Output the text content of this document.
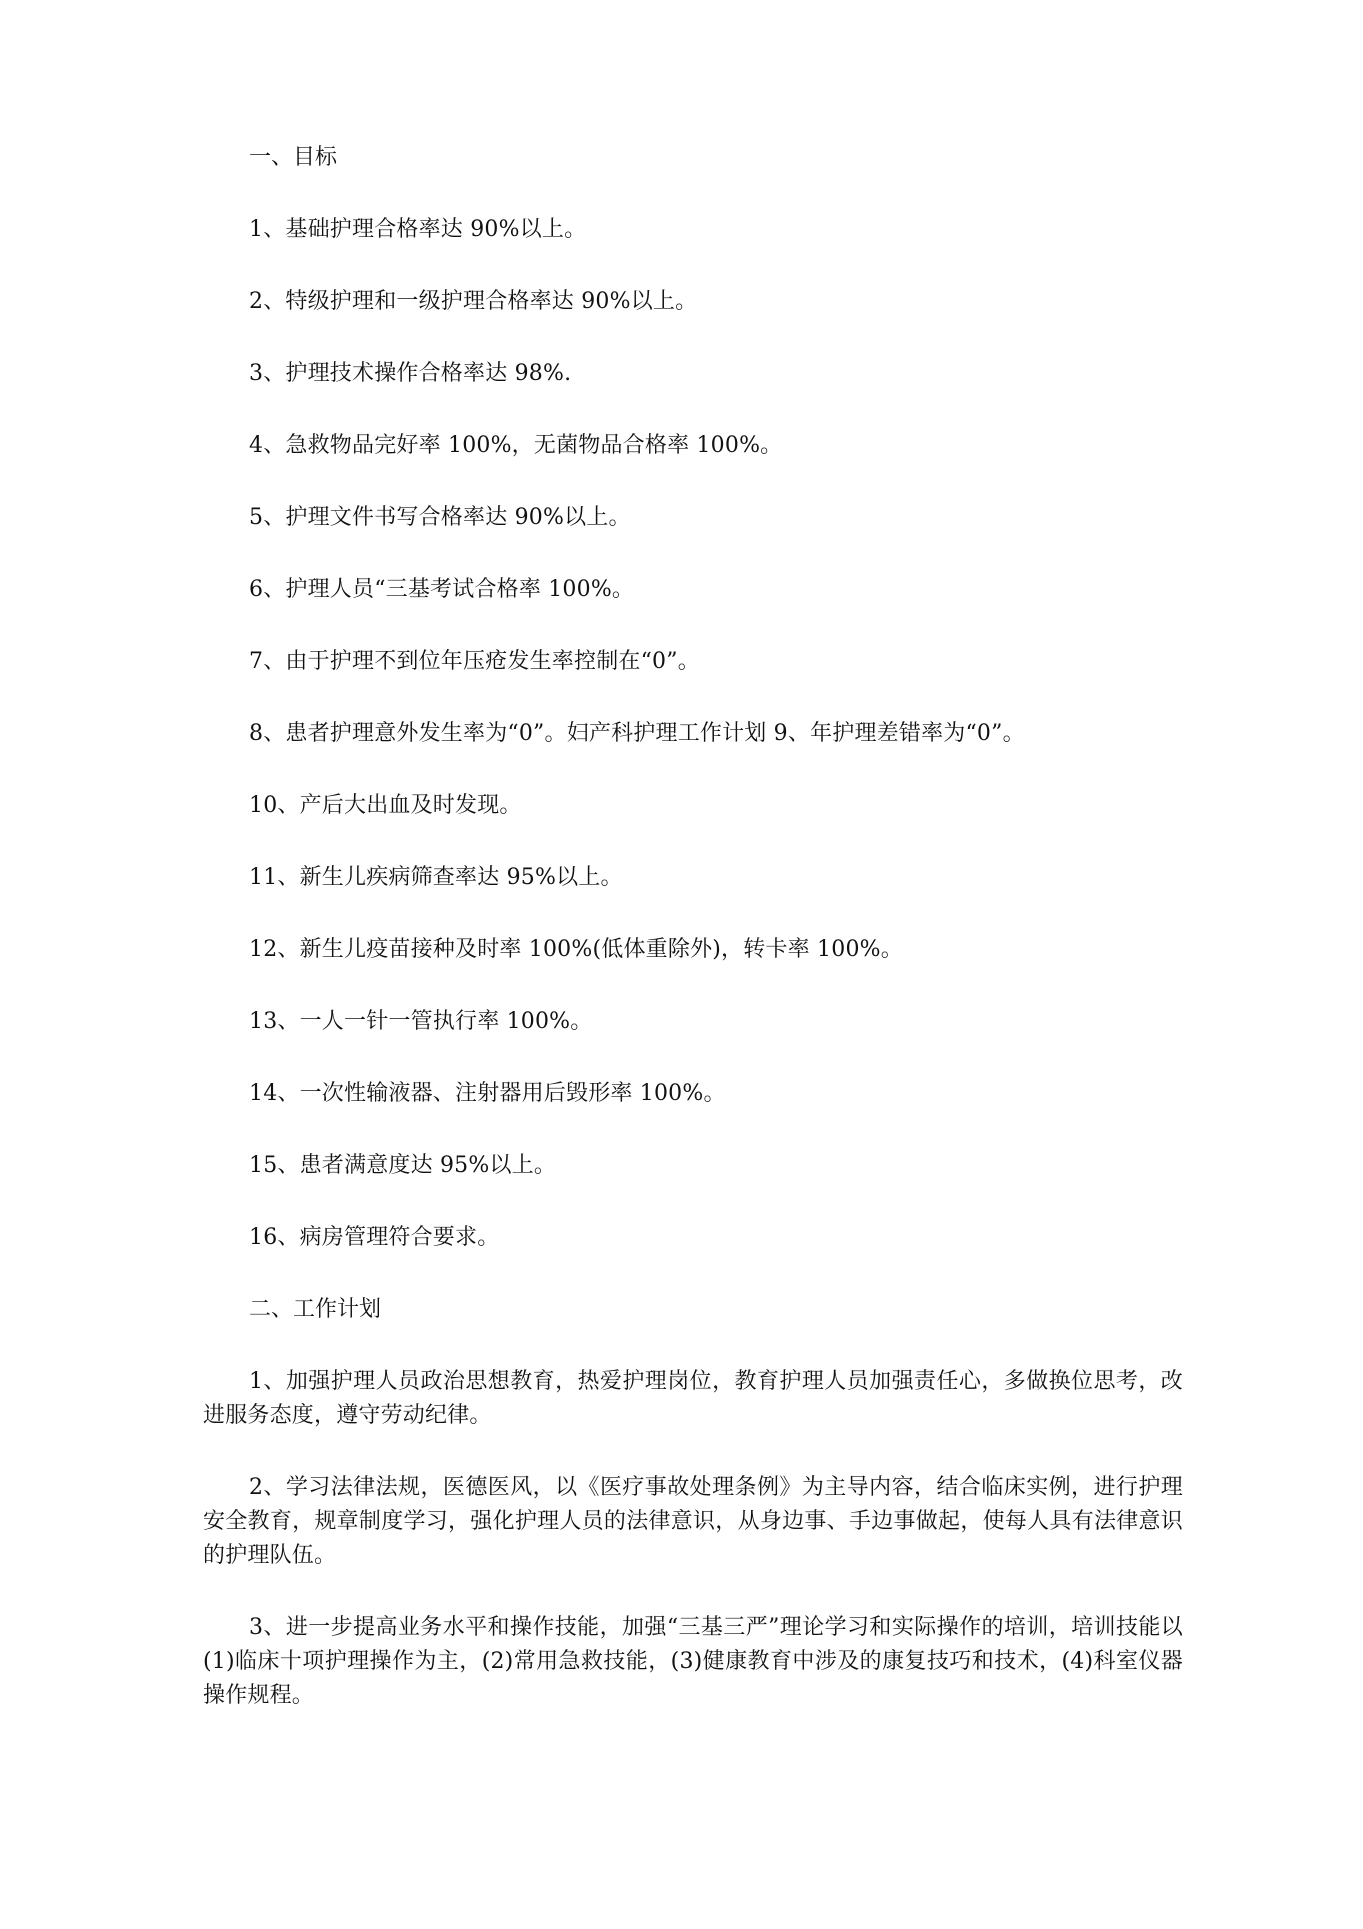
一、目标

1、基础护理合格率达 90%以上。

2、特级护理和一级护理合格率达 90%以上。

3、护理技术操作合格率达 98%.

4、急救物品完好率 100%，无菌物品合格率 100%。

5、护理文件书写合格率达 90%以上。

6、护理人员“三基考试合格率 100%。

7、由于护理不到位年压疮发生率控制在“0”。

8、患者护理意外发生率为“0”。妇产科护理工作计划 9、年护理差错率为“0”。

10、产后大出血及时发现。

11、新生儿疾病筛查率达 95%以上。

12、新生儿疫苗接种及时率 100%(低体重除外)，转卡率 100%。

13、一人一针一管执行率 100%。

14、一次性输液器、注射器用后毁形率 100%。

15、患者满意度达 95%以上。

16、病房管理符合要求。

二、工作计划

1、加强护理人员政治思想教育，热爱护理岗位，教育护理人员加强责任心，多做换位思考，改进服务态度，遵守劳动纪律。

2、学习法律法规，医德医风，以《医疗事故处理条例》为主导内容，结合临床实例，进行护理安全教育，规章制度学习，强化护理人员的法律意识，从身边事、手边事做起，使每人具有法律意识的护理队伍。

3、进一步提高业务水平和操作技能，加强“三基三严”理论学习和实际操作的培训，培训技能以(1)临床十项护理操作为主，(2)常用急救技能，(3)健康教育中涉及的康复技巧和技术，(4)科室仪器操作规程。
